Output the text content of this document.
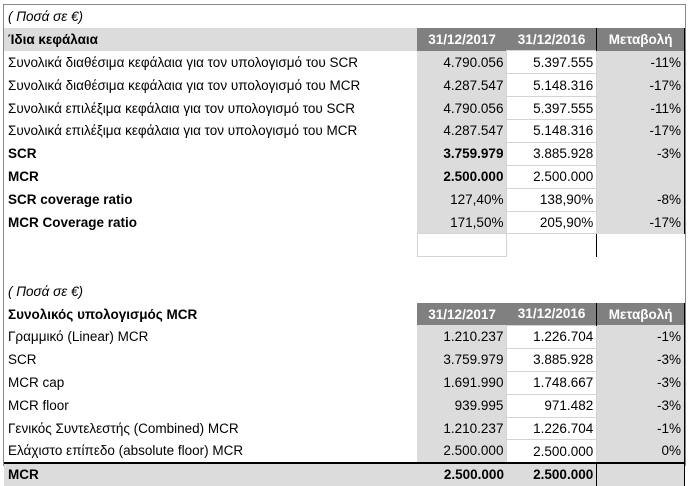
( Ποσά σε €)			
Ίδια κεφάλαια	31/12/2017	31/12/2016	Μεταβολή
Συνολικά διαθέσιμα κεφάλαια για τον υπολογισμό του SCR	4.790.056	5.397.555	-11%
Συνολικά διαθέσιμα κεφάλαια για τον υπολογισμό του MCR	4.287.547	5.148.316	-17%
Συνολικά επιλέξιμα κεφάλαια για τον υπολογισμό του SCR	4.790.056	5.397.555	-11%
Συνολικά επιλέξιμα κεφάλαια για τον υπολογισμό του MCR	4.287.547	5.148.316	-17%
SCR	3.759.979	3.885.928	-3%
MCR	2.500.000	2.500.000	
SCR coverage ratio	127,40%	138,90%	-8%
MCR Coverage ratio	171,50%	205,90%	-17%

( Ποσά σε €)			
Συνολικός υπολογισμός MCR	31/12/2017	31/12/2016	Μεταβολή
Γραμμικό (Linear) MCR	1.210.237	1.226.704	-1%
SCR	3.759.979	3.885.928	-3%
MCR cap	1.691.990	1.748.667	-3%
MCR floor	939.995	971.482	-3%
Γενικός Συντελεστής (Combined) MCR	1.210.237	1.226.704	-1%
Ελάχιστο επίπεδο (absolute floor) MCR	2.500.000	2.500.000	0%
MCR	2.500.000	2.500.000	
